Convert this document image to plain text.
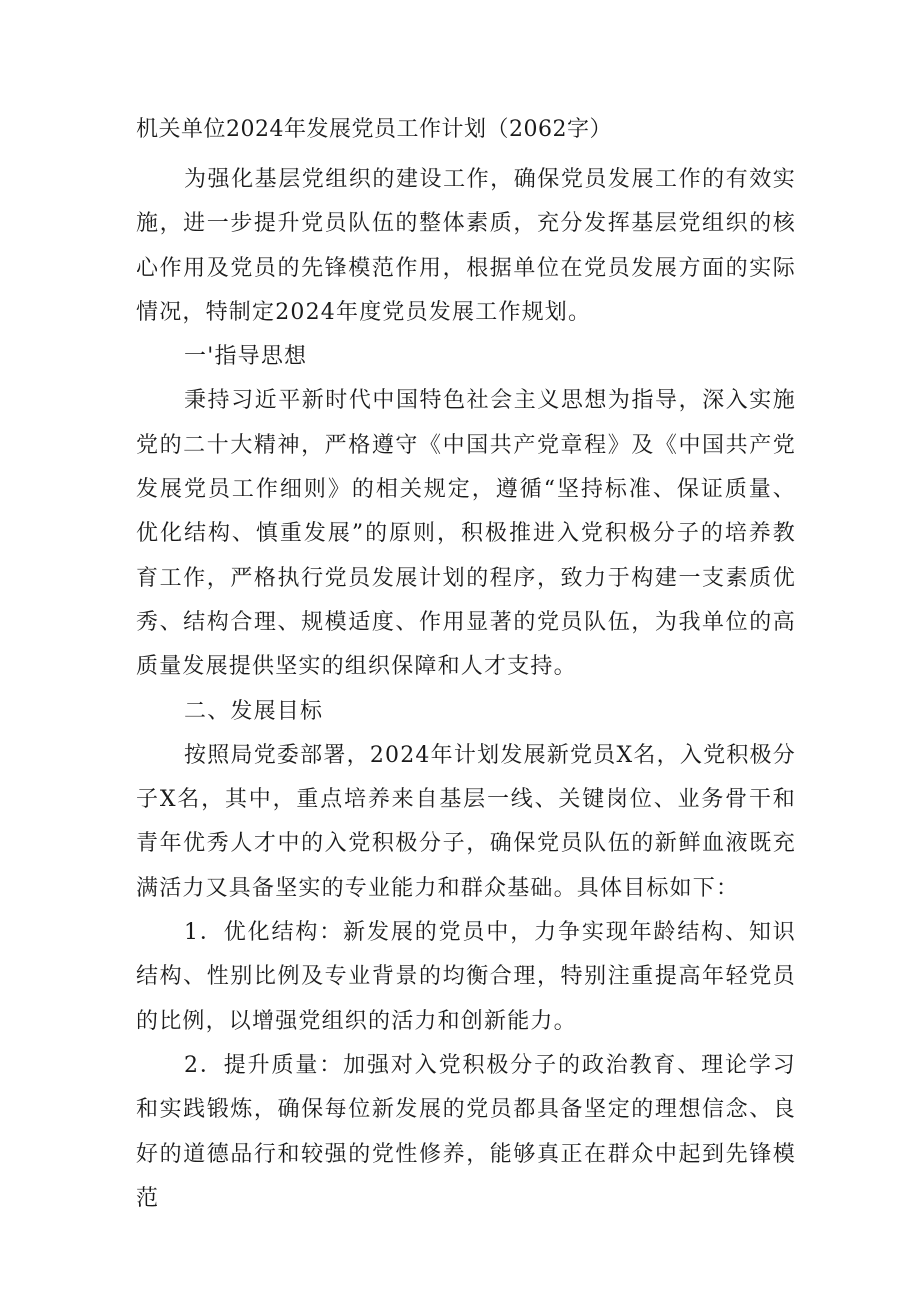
机关单位2024年发展党员工作计划（2062字）

为强化基层党组织的建设工作，确保党员发展工作的有效实施，进一步提升党员队伍的整体素质，充分发挥基层党组织的核心作用及党员的先锋模范作用，根据单位在党员发展方面的实际情况，特制定2024年度党员发展工作规划。

一'指导思想

秉持习近平新时代中国特色社会主义思想为指导，深入实施党的二十大精神，严格遵守《中国共产党章程》及《中国共产党发展党员工作细则》的相关规定，遵循“坚持标准、保证质量、优化结构、慎重发展”的原则，积极推进入党积极分子的培养教育工作，严格执行党员发展计划的程序，致力于构建一支素质优秀、结构合理、规模适度、作用显著的党员队伍，为我单位的高质量发展提供坚实的组织保障和人才支持。

二、发展目标

按照局党委部署，2024年计划发展新党员X名，入党积极分子X名，其中，重点培养来自基层一线、关键岗位、业务骨干和青年优秀人才中的入党积极分子，确保党员队伍的新鲜血液既充满活力又具备坚实的专业能力和群众基础。具体目标如下：

1．优化结构：新发展的党员中，力争实现年龄结构、知识结构、性别比例及专业背景的均衡合理，特别注重提高年轻党员的比例，以增强党组织的活力和创新能力。

2．提升质量：加强对入党积极分子的政治教育、理论学习和实践锻炼，确保每位新发展的党员都具备坚定的理想信念、良好的道德品行和较强的党性修养，能够真正在群众中起到先锋模范
